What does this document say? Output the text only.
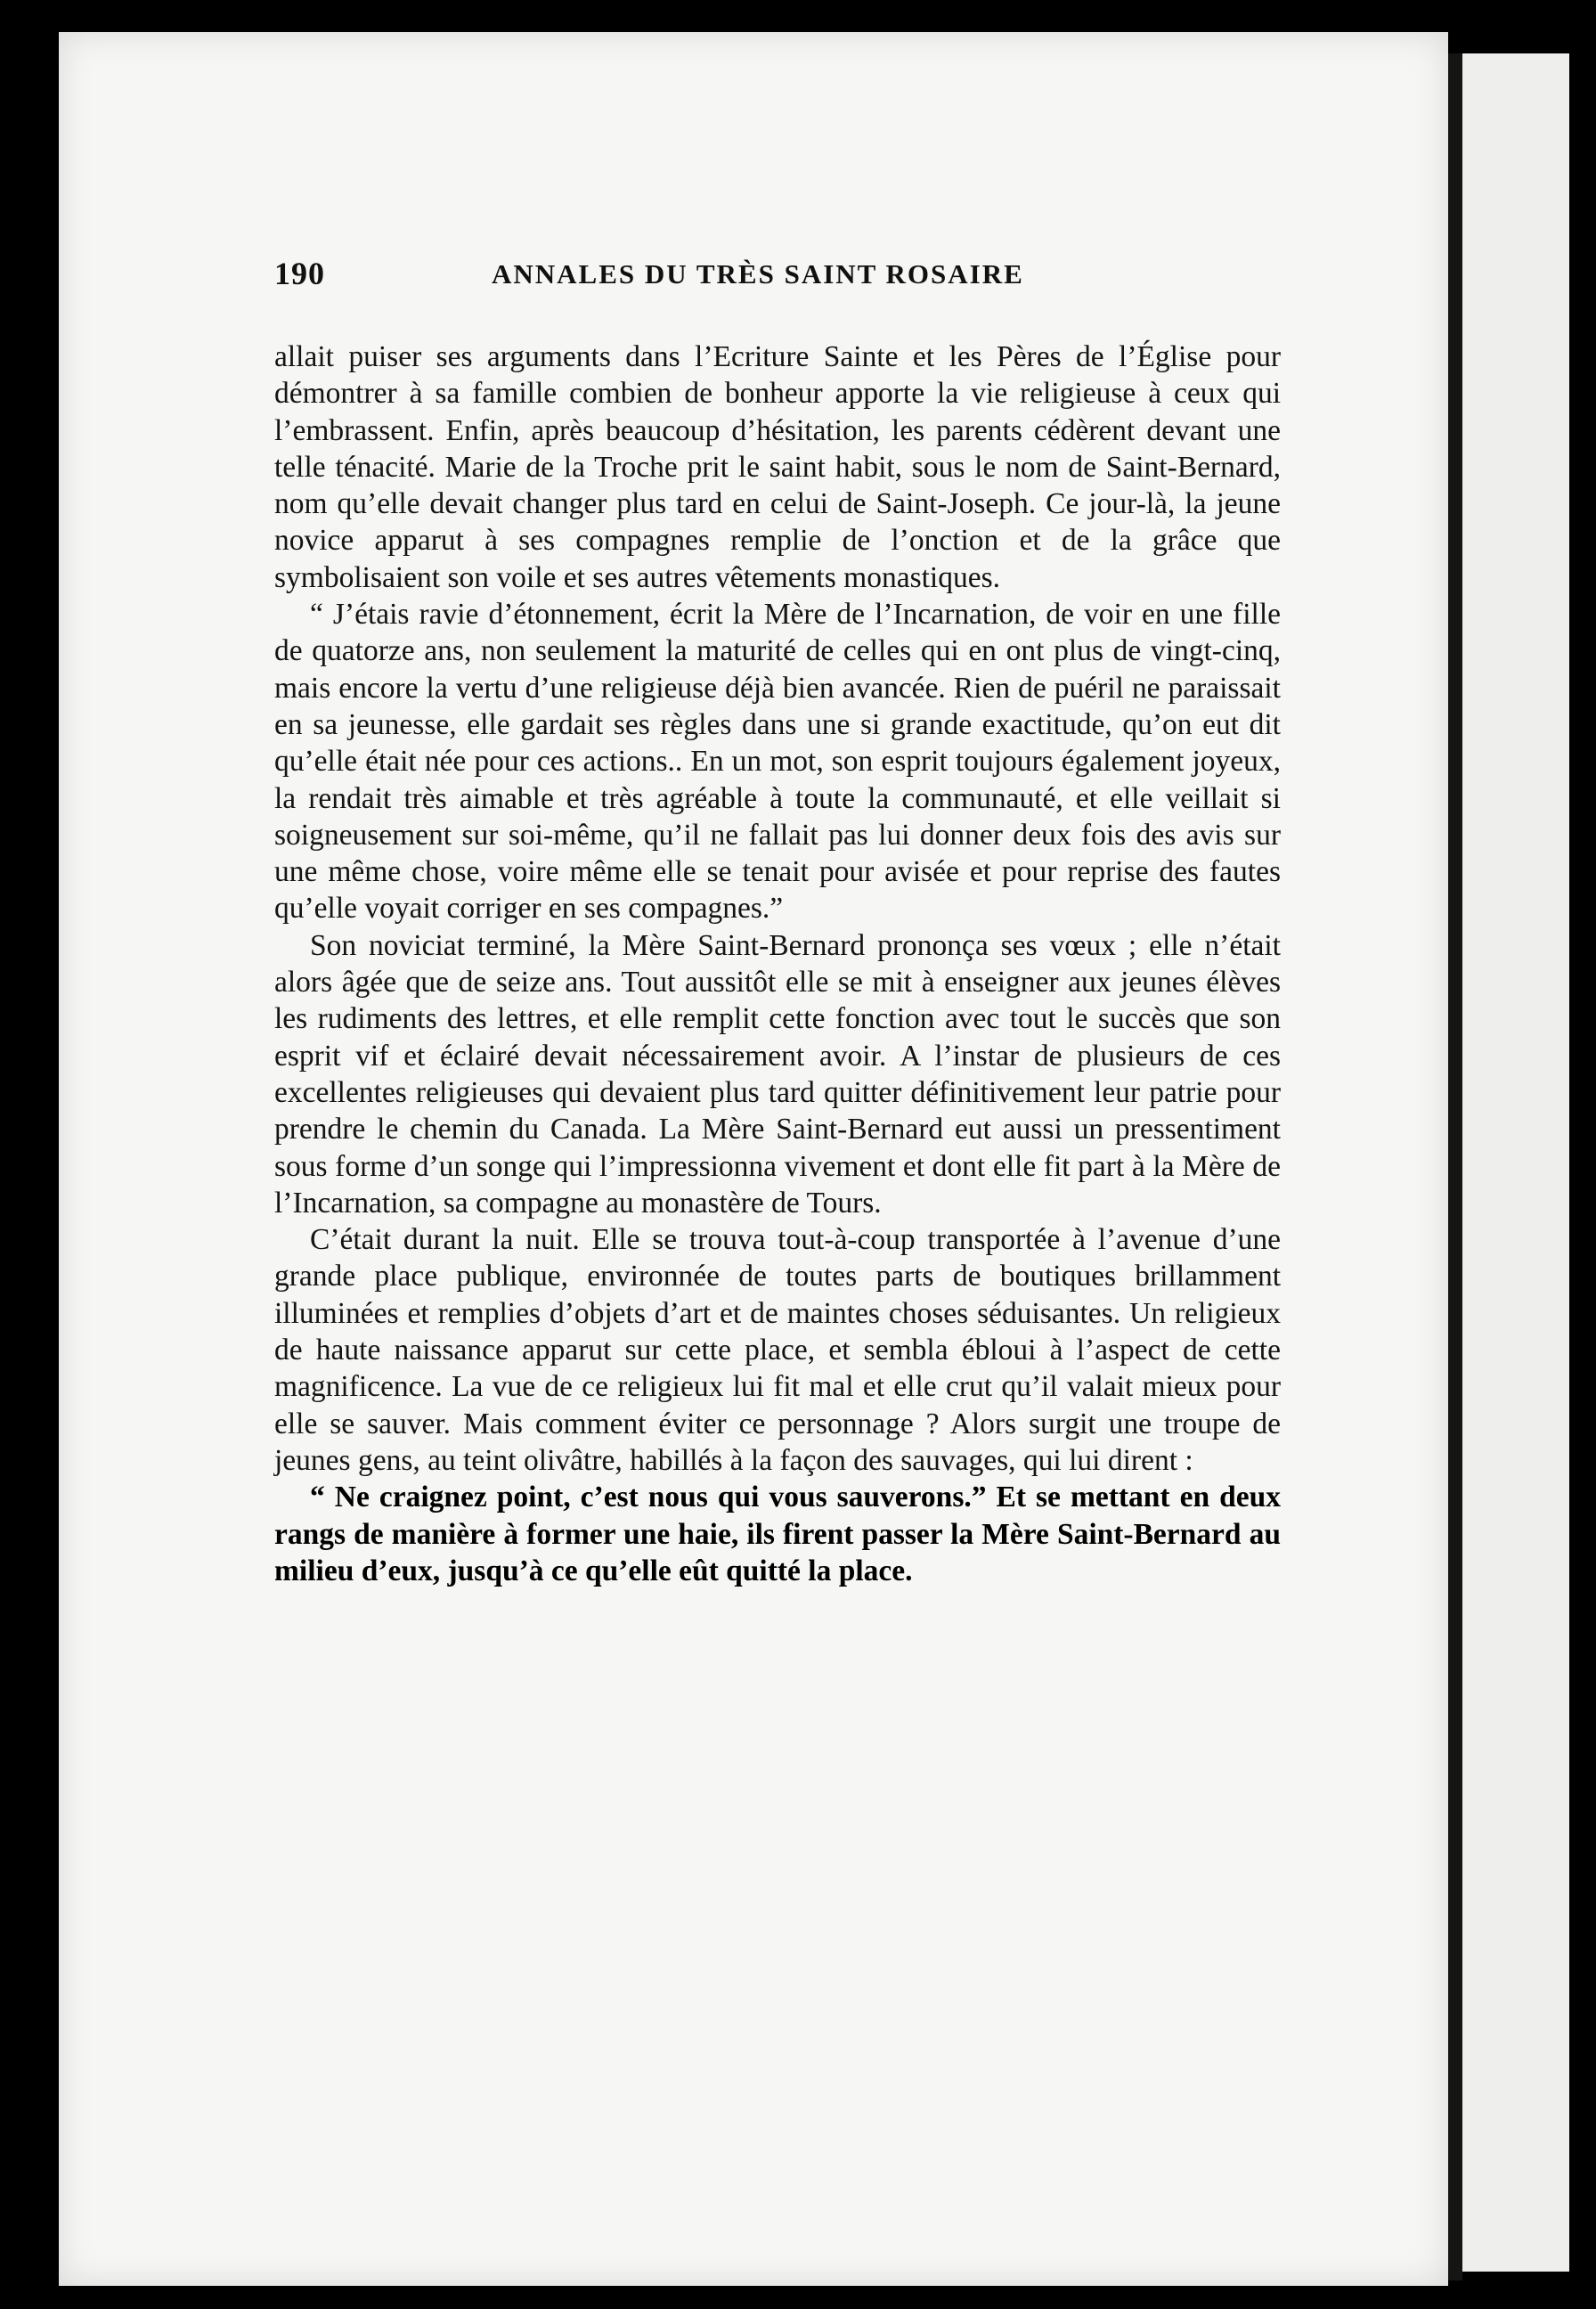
190	ANNALES DU TRÈS SAINT ROSAIRE

allait puiser ses arguments dans l’Ecriture Sainte et les Pères de l’Église pour démontrer à sa famille combien de bonheur apporte la vie religieuse à ceux qui l’embrassent. Enfin, après beaucoup d’hésitation, les parents cédèrent devant une telle ténacité. Marie de la Troche prit le saint habit, sous le nom de Saint-Bernard, nom qu’elle devait changer plus tard en celui de Saint-Joseph. Ce jour-là, la jeune novice apparut à ses compagnes remplie de l’onction et de la grâce que symbolisaient son voile et ses autres vêtements monastiques.

“ J’étais ravie d’étonnement, écrit la Mère de l’Incarnation, de voir en une fille de quatorze ans, non seulement la maturité de celles qui en ont plus de vingt-cinq, mais encore la vertu d’une religieuse déjà bien avancée. Rien de puéril ne paraissait en sa jeunesse, elle gardait ses règles dans une si grande exactitude, qu’on eut dit qu’elle était née pour ces actions.. En un mot, son esprit toujours également joyeux, la rendait très aimable et très agréable à toute la communauté, et elle veillait si soigneusement sur soi-même, qu’il ne fallait pas lui donner deux fois des avis sur une même chose, voire même elle se tenait pour avisée et pour reprise des fautes qu’elle voyait corriger en ses compagnes.”

Son noviciat terminé, la Mère Saint-Bernard prononça ses vœux ; elle n’était alors âgée que de seize ans. Tout aussitôt elle se mit à enseigner aux jeunes élèves les rudiments des lettres, et elle remplit cette fonction avec tout le succès que son esprit vif et éclairé devait nécessairement avoir. A l’instar de plusieurs de ces excellentes religieuses qui devaient plus tard quitter définitivement leur patrie pour prendre le chemin du Canada. La Mère Saint-Bernard eut aussi un pressentiment sous forme d’un songe qui l’impressionna vivement et dont elle fit part à la Mère de l’Incarnation, sa compagne au monastère de Tours.

C’était durant la nuit. Elle se trouva tout-à-coup transportée à l’avenue d’une grande place publique, environnée de toutes parts de boutiques brillamment illuminées et remplies d’objets d’art et de maintes choses séduisantes. Un religieux de haute naissance apparut sur cette place, et sembla ébloui à l’aspect de cette magnificence. La vue de ce religieux lui fit mal et elle crut qu’il valait mieux pour elle se sauver. Mais comment éviter ce personnage ? Alors surgit une troupe de jeunes gens, au teint olivâtre, habillés à la façon des sauvages, qui lui dirent :

“ Ne craignez point, c’est nous qui vous sauverons.” Et se mettant en deux rangs de manière à former une haie, ils firent passer la Mère Saint-Bernard au milieu d’eux, jusqu’à ce qu’elle eût quitté la place.
